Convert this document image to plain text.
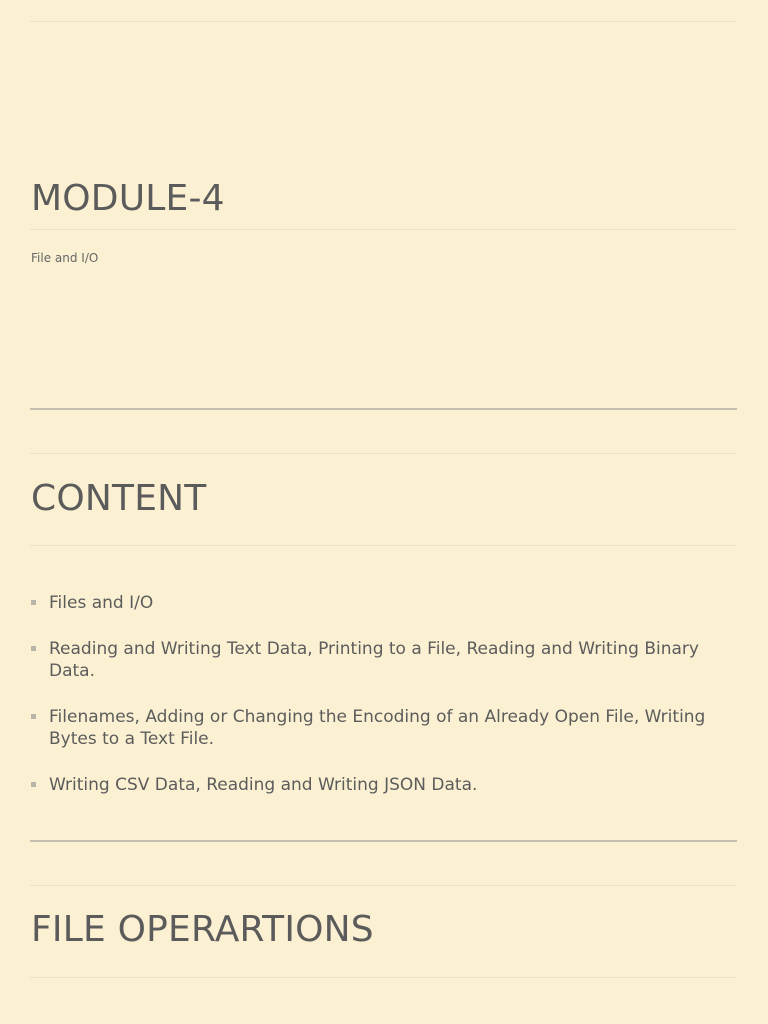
MODULE-4

File and I/O

CONTENT
Files and I/O
Reading and Writing Text Data, Printing to a File, Reading and Writing Binary Data.
Filenames, Adding or Changing the Encoding of an Already Open File, Writing Bytes to a Text File.
Writing CSV Data, Reading and Writing JSON Data.
FILE OPERARTIONS
